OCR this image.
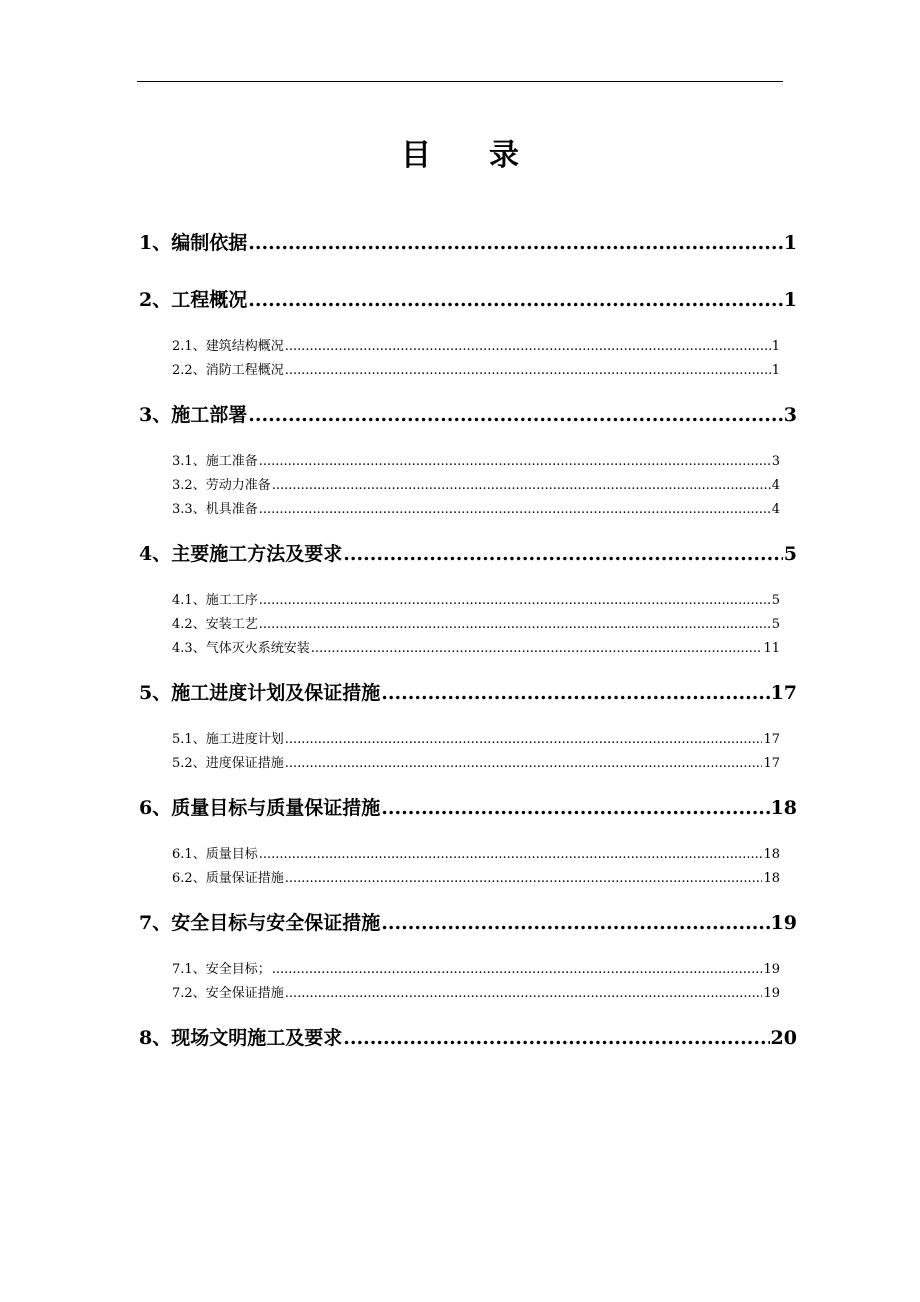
目录
1、编制依据 .....	1
2、工程概况 .....	1
2.1、建筑结构概况 .....	1
2.2、消防工程概况 .....	1
3、施工部署 .....	3
3.1、施工准备 .....	3
3.2、劳动力准备 .....	4
3.3、机具准备 .....	4
4、主要施工方法及要求 .....	5
4.1、施工工序 .....	5
4.2、安装工艺 .....	5
4.3、气体灭火系统安装 .....	11
5、施工进度计划及保证措施 .....	17
5.1、施工进度计划 .....	17
5.2、进度保证措施 .....	17
6、质量目标与质量保证措施 .....	18
6.1、质量目标 .....	18
6.2、质量保证措施 .....	18
7、安全目标与安全保证措施 .....	19
7.1、安全目标； .....	19
7.2、安全保证措施 .....	19
8、现场文明施工及要求 .....	20
